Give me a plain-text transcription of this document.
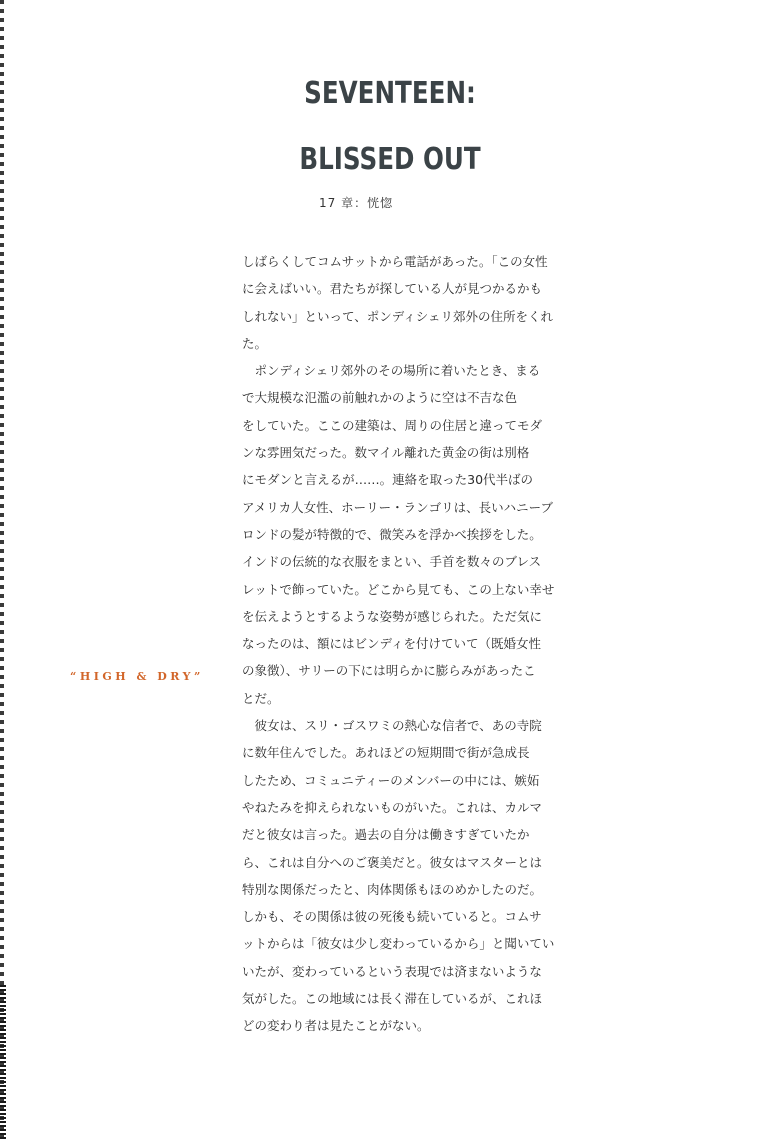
SEVENTEEN:
BLISSED OUT
17 章：恍惚
“HIGH & DRY”

しばらくしてコムサットから電話があった。「この女性
に会えばいい。君たちが探している人が見つかるかも
しれない」といって、ポンディシェリ郊外の住所をくれ
た。

　ポンディシェリ郊外のその場所に着いたとき、まる
で大規模な氾濫の前触れかのように空は不吉な色
をしていた。ここの建築は、周りの住居と違ってモダ
ンな雰囲気だった。数マイル離れた黄金の街は別格
にモダンと言えるが……。連絡を取った30代半ばの
アメリカ人女性、ホーリー・ランゴリは、長いハニーブ
ロンドの髪が特徴的で、微笑みを浮かべ挨拶をした。
インドの伝統的な衣服をまとい、手首を数々のブレス
レットで飾っていた。どこから見ても、この上ない幸せ
を伝えようとするような姿勢が感じられた。ただ気に
なったのは、額にはビンディを付けていて（既婚女性
の象徴）、サリーの下には明らかに膨らみがあったこ
とだ。

　彼女は、スリ・ゴスワミの熱心な信者で、あの寺院
に数年住んでした。あれほどの短期間で街が急成長
したため、コミュニティーのメンバーの中には、嫉妬
やねたみを抑えられないものがいた。これは、カルマ
だと彼女は言った。過去の自分は働きすぎていたか
ら、これは自分へのご褒美だと。彼女はマスターとは
特別な関係だったと、肉体関係もほのめかしたのだ。
しかも、その関係は彼の死後も続いていると。コムサ
ットからは「彼女は少し変わっているから」と聞いてい
いたが、変わっているという表現では済まないような
気がした。この地域には長く滞在しているが、これほ
どの変わり者は見たことがない。
